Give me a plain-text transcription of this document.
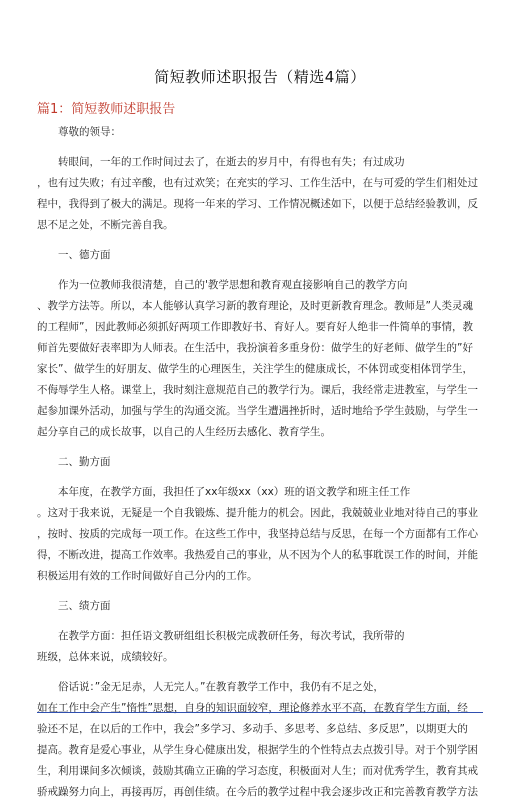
简短教师述职报告（精选4篇）
篇1：简短教师述职报告
尊敬的领导：
转眼间，一年的工作时间过去了，在逝去的岁月中，有得也有失；有过成功
，也有过失败；有过辛酸，也有过欢笑；在充实的学习、工作生活中，在与可爱的学生们相处过
程中，我得到了极大的满足。现将一年来的学习、工作情况概述如下，以便于总结经验教训，反
思不足之处，不断完善自我。
一、德方面
作为一位教师我很清楚，自己的'教学思想和教育观直接影响自己的教学方向
、教学方法等。所以，本人能够认真学习新的教育理论，及时更新教育理念。教师是”人类灵魂
的工程师”，因此教师必须抓好两项工作即教好书、育好人。要育好人绝非一件简单的事情，教
师首先要做好表率即为人师表。在生活中，我扮演着多重身份：做学生的好老师、做学生的”好
家长”、做学生的好朋友、做学生的心理医生，关注学生的健康成长，不体罚或变相体罚学生，
不侮辱学生人格。课堂上，我时刻注意规范自己的教学行为。课后，我经常走进教室，与学生一
起参加课外活动，加强与学生的沟通交流。当学生遭遇挫折时，适时地给予学生鼓励，与学生一
起分享自己的成长故事，以自己的人生经历去感化、教育学生。
二、勤方面
本年度，在教学方面，我担任了xx年级xx（xx）班的语文教学和班主任工作
。这对于我来说，无疑是一个自我锻炼、提升能力的机会。因此，我兢兢业业地对待自己的事业
，按时、按质的完成每一项工作。在这些工作中，我坚持总结与反思，在每一个方面都有工作心
得，不断改进，提高工作效率。我热爱自己的事业，从不因为个人的私事耽误工作的时间，并能
积极运用有效的工作时间做好自己分内的工作。
三、绩方面
在教学方面：担任语文教研组组长积极完成教研任务，每次考试，我所带的
班级，总体来说，成绩较好。
俗话说：”金无足赤，人无完人。”在教育教学工作中，我仍有不足之处，
如在工作中会产生”惰性”思想，自身的知识面较窄，理论修养水平不高，在教育学生方面，经
验还不足，在以后的工作中，我会”多学习、多动手、多思考、多总结、多反思”，以期更大的
提高。教育是爱心事业，从学生身心健康出发，根据学生的个性特点去点拨引导。对于个别学困
生，利用课间多次倾谈，鼓励其确立正确的学习态度，积极面对人生；而对优秀学生，教育其戒
骄戒躁努力向上，再接再厉，再创佳绩。在今后的教学过程中我会逐步改正和完善教育教学方法
